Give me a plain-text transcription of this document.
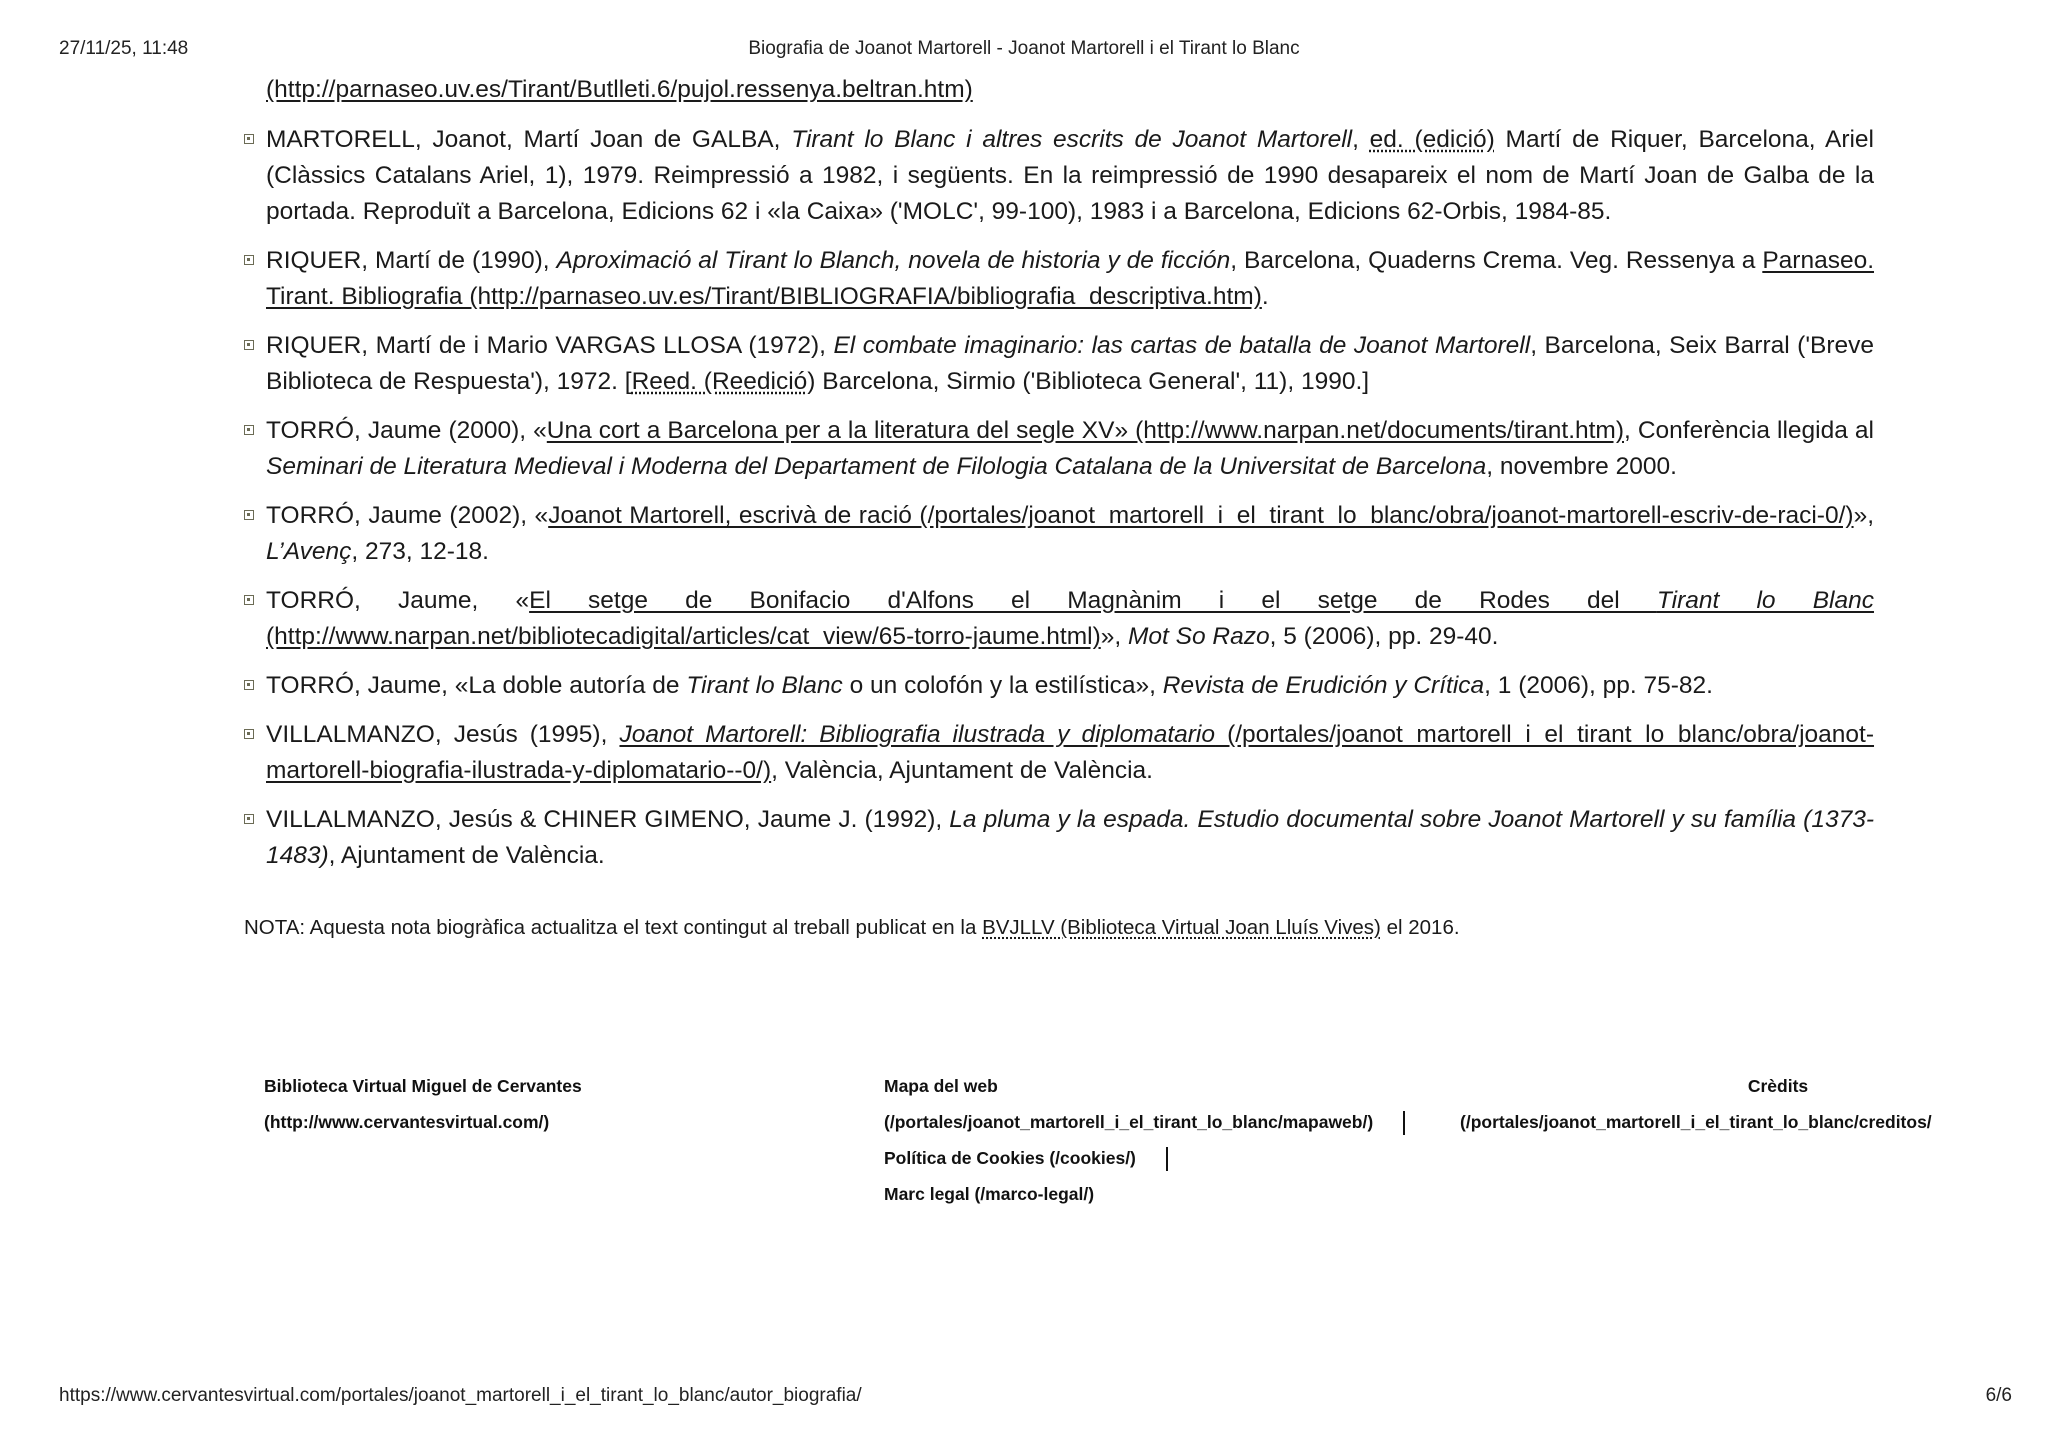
27/11/25, 11:48	Biografia de Joanot Martorell - Joanot Martorell i el Tirant lo Blanc
(http://parnaseo.uv.es/Tirant/Butlleti.6/pujol.ressenya.beltran.htm)
MARTORELL, Joanot, Martí Joan de GALBA, Tirant lo Blanc i altres escrits de Joanot Martorell, ed. (edició) Martí de Riquer, Barcelona, Ariel (Clàssics Catalans Ariel, 1), 1979. Reimpressió a 1982, i següents. En la reimpressió de 1990 desapareix el nom de Martí Joan de Galba de la portada. Reproduït a Barcelona, Edicions 62 i «la Caixa» ('MOLC', 99-100), 1983 i a Barcelona, Edicions 62-Orbis, 1984-85.
RIQUER, Martí de (1990), Aproximació al Tirant lo Blanch, novela de historia y de ficción, Barcelona, Quaderns Crema. Veg. Ressenya a Parnaseo. Tirant. Bibliografia (http://parnaseo.uv.es/Tirant/BIBLIOGRAFIA/bibliografia_descriptiva.htm).
RIQUER, Martí de i Mario VARGAS LLOSA (1972), El combate imaginario: las cartas de batalla de Joanot Martorell, Barcelona, Seix Barral ('Breve Biblioteca de Respuesta'), 1972. [Reed. (Reedició) Barcelona, Sirmio ('Biblioteca General', 11), 1990.]
TORRÓ, Jaume (2000), «Una cort a Barcelona per a la literatura del segle XV» (http://www.narpan.net/documents/tirant.htm), Conferència llegida al Seminari de Literatura Medieval i Moderna del Departament de Filologia Catalana de la Universitat de Barcelona, novembre 2000.
TORRÓ, Jaume (2002), «Joanot Martorell, escrivà de ració (/portales/joanot_martorell_i_el_tirant_lo_blanc/obra/joanot-martorell-escriv-de-raci-0/)», L’Avenç, 273, 12-18.
TORRÓ, Jaume, «El setge de Bonifacio d'Alfons el Magnànim i el setge de Rodes del Tirant lo Blanc (http://www.narpan.net/bibliotecadigital/articles/cat_view/65-torro-jaume.html)», Mot So Razo, 5 (2006), pp. 29-40.
TORRÓ, Jaume, «La doble autoría de Tirant lo Blanc o un colofón y la estilística», Revista de Erudición y Crítica, 1 (2006), pp. 75-82.
VILLALMANZO, Jesús (1995), Joanot Martorell: Bibliografia ilustrada y diplomatario (/portales/joanot_martorell_i_el_tirant_lo_blanc/obra/joanot-martorell-biografia-ilustrada-y-diplomatario--0/), València, Ajuntament de València.
VILLALMANZO, Jesús & CHINER GIMENO, Jaume J. (1992), La pluma y la espada. Estudio documental sobre Joanot Martorell y su família (1373-1483), Ajuntament de València.
NOTA: Aquesta nota biogràfica actualitza el text contingut al treball publicat en la BVJLLV (Biblioteca Virtual Joan Lluís Vives) el 2016.
Biblioteca Virtual Miguel de Cervantes
(http://www.cervantesvirtual.com/)
Mapa del web
(/portales/joanot_martorell_i_el_tirant_lo_blanc/mapaweb/)
Política de Cookies (/cookies/)
Marc legal (/marco-legal/)
Crèdits
(/portales/joanot_martorell_i_el_tirant_lo_blanc/creditos/
https://www.cervantesvirtual.com/portales/joanot_martorell_i_el_tirant_lo_blanc/autor_biografia/	6/6
